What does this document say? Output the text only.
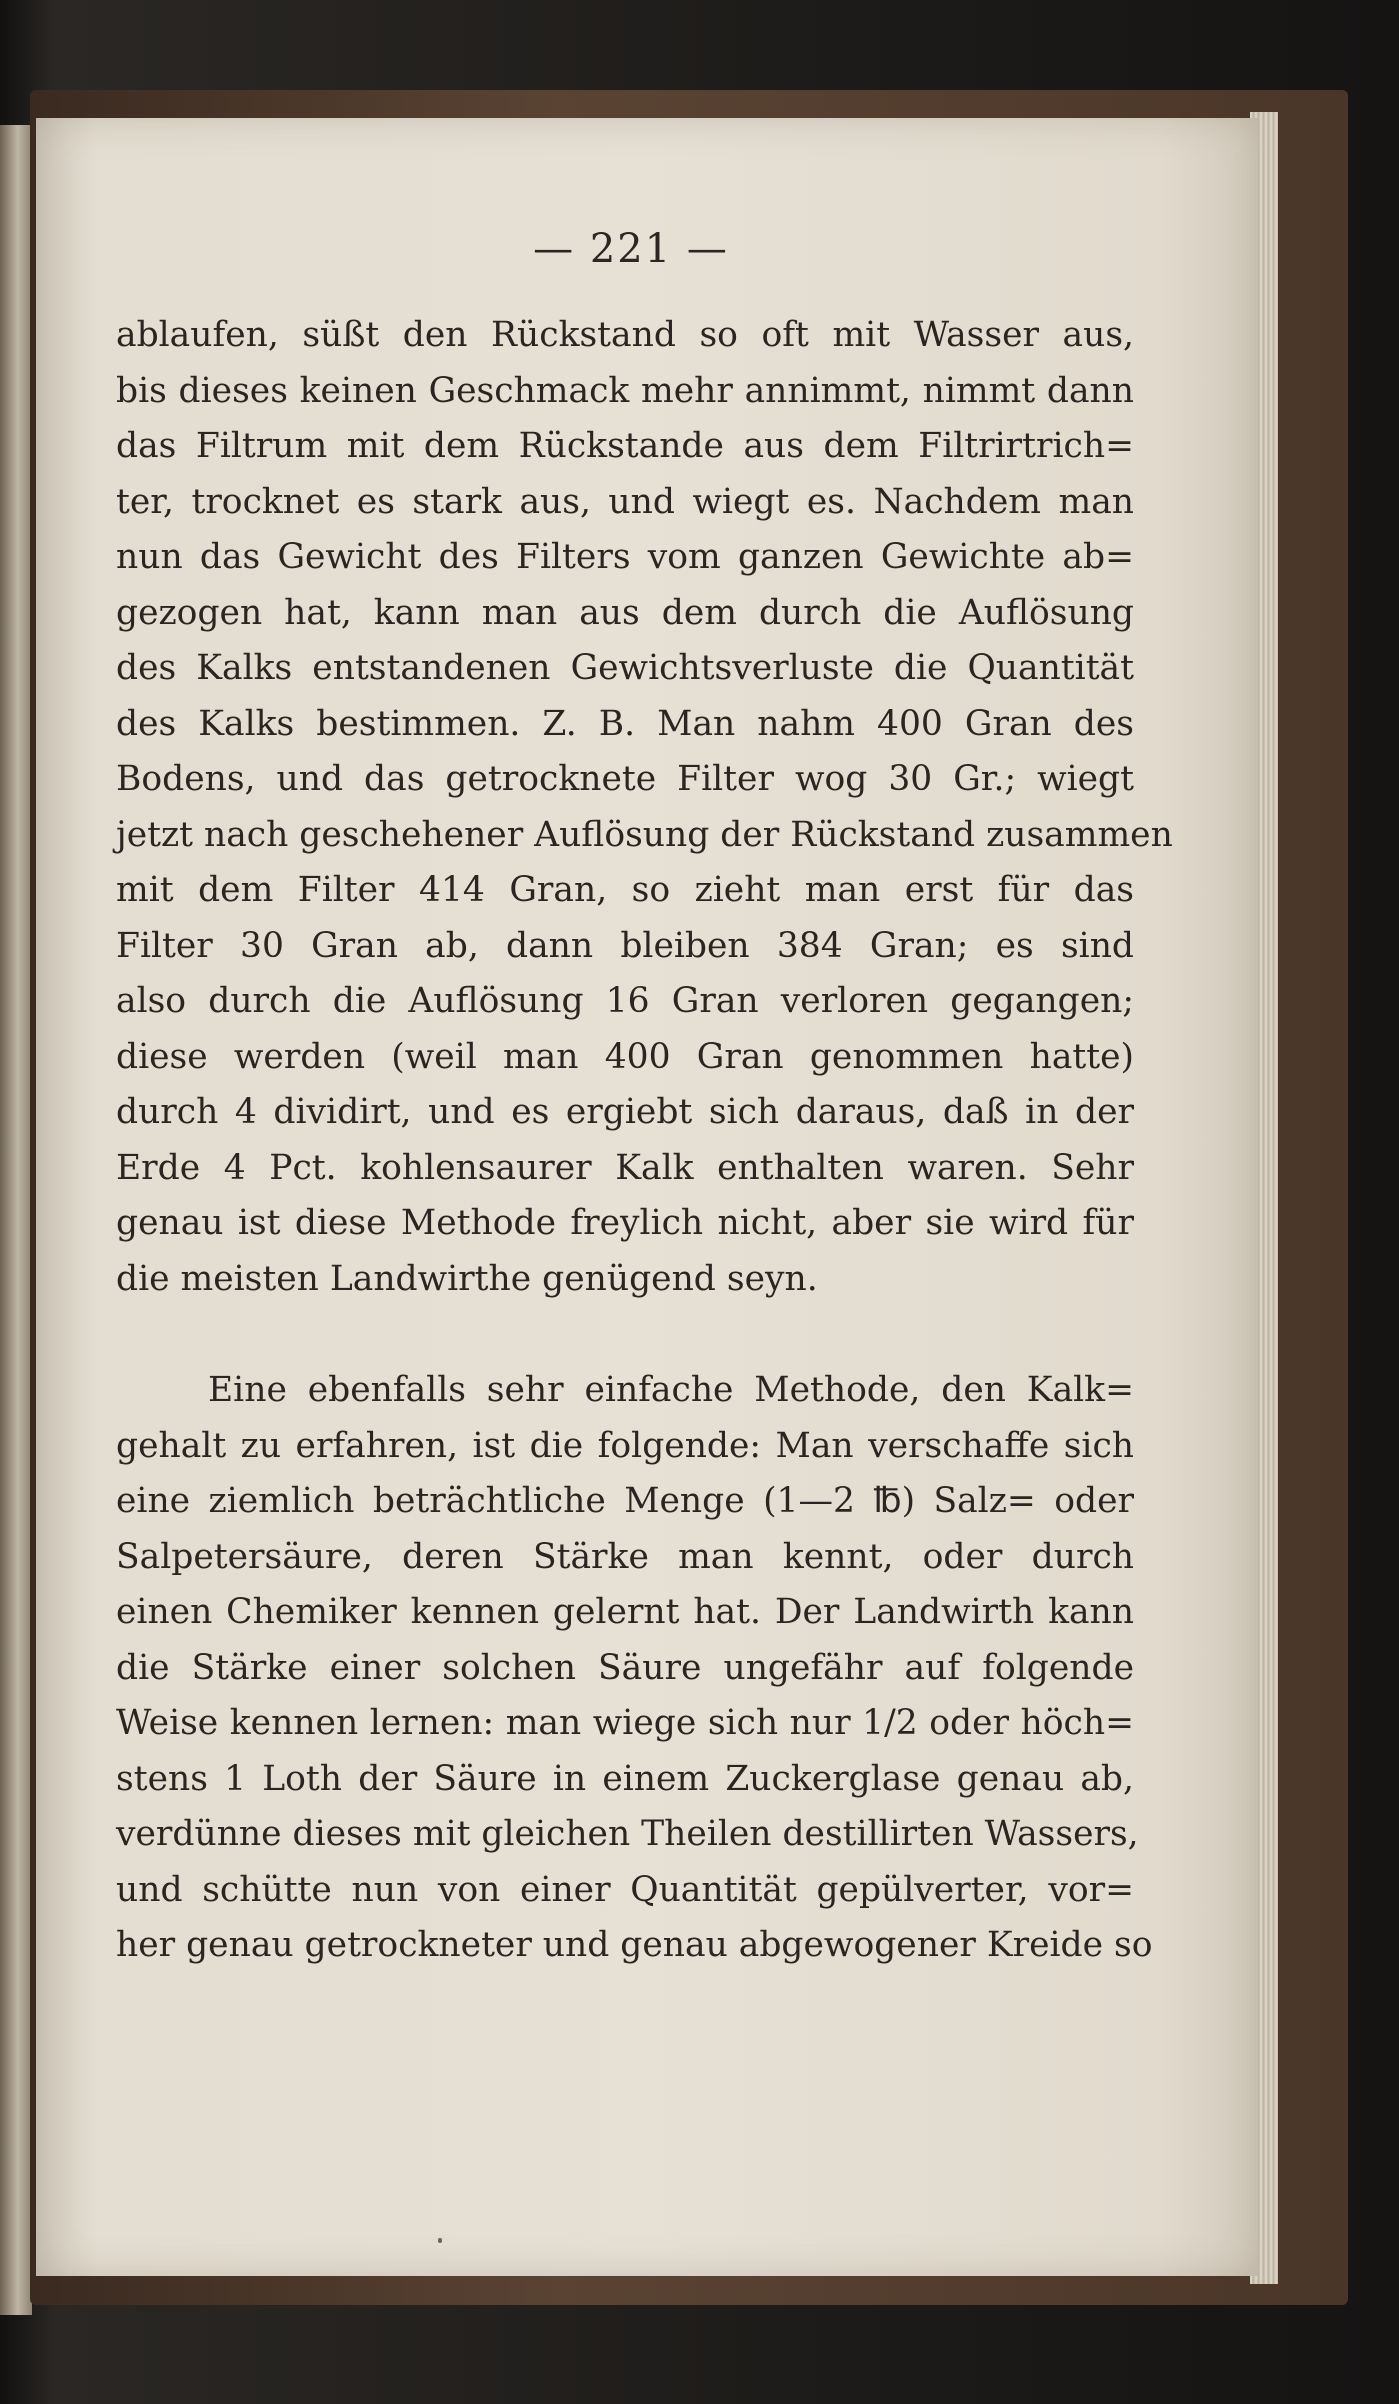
— 221 —
ablaufen, süßt den Rückstand so oft mit Wasser aus,
bis dieses keinen Geschmack mehr annimmt, nimmt dann
das Filtrum mit dem Rückstande aus dem Filtrirtrich=
ter, trocknet es stark aus, und wiegt es. Nachdem man
nun das Gewicht des Filters vom ganzen Gewichte ab=
gezogen hat, kann man aus dem durch die Auflösung
des Kalks entstandenen Gewichtsverluste die Quantität
des Kalks bestimmen. Z. B. Man nahm 400 Gran des
Bodens, und das getrocknete Filter wog 30 Gr.; wiegt
jetzt nach geschehener Auflösung der Rückstand zusammen
mit dem Filter 414 Gran, so zieht man erst für das
Filter 30 Gran ab, dann bleiben 384 Gran; es sind
also durch die Auflösung 16 Gran verloren gegangen;
diese werden (weil man 400 Gran genommen hatte)
durch 4 dividirt, und es ergiebt sich daraus, daß in der
Erde 4 Pct. kohlensaurer Kalk enthalten waren. Sehr
genau ist diese Methode freylich nicht, aber sie wird für
die meisten Landwirthe genügend seyn.
Eine ebenfalls sehr einfache Methode, den Kalk=
gehalt zu erfahren, ist die folgende: Man verschaffe sich
eine ziemlich beträchtliche Menge (1—2 ℔) Salz= oder
Salpetersäure, deren Stärke man kennt, oder durch
einen Chemiker kennen gelernt hat. Der Landwirth kann
die Stärke einer solchen Säure ungefähr auf folgende
Weise kennen lernen: man wiege sich nur 1/2 oder höch=
stens 1 Loth der Säure in einem Zuckerglase genau ab,
verdünne dieses mit gleichen Theilen destillirten Wassers,
und schütte nun von einer Quantität gepülverter, vor=
her genau getrockneter und genau abgewogener Kreide so
